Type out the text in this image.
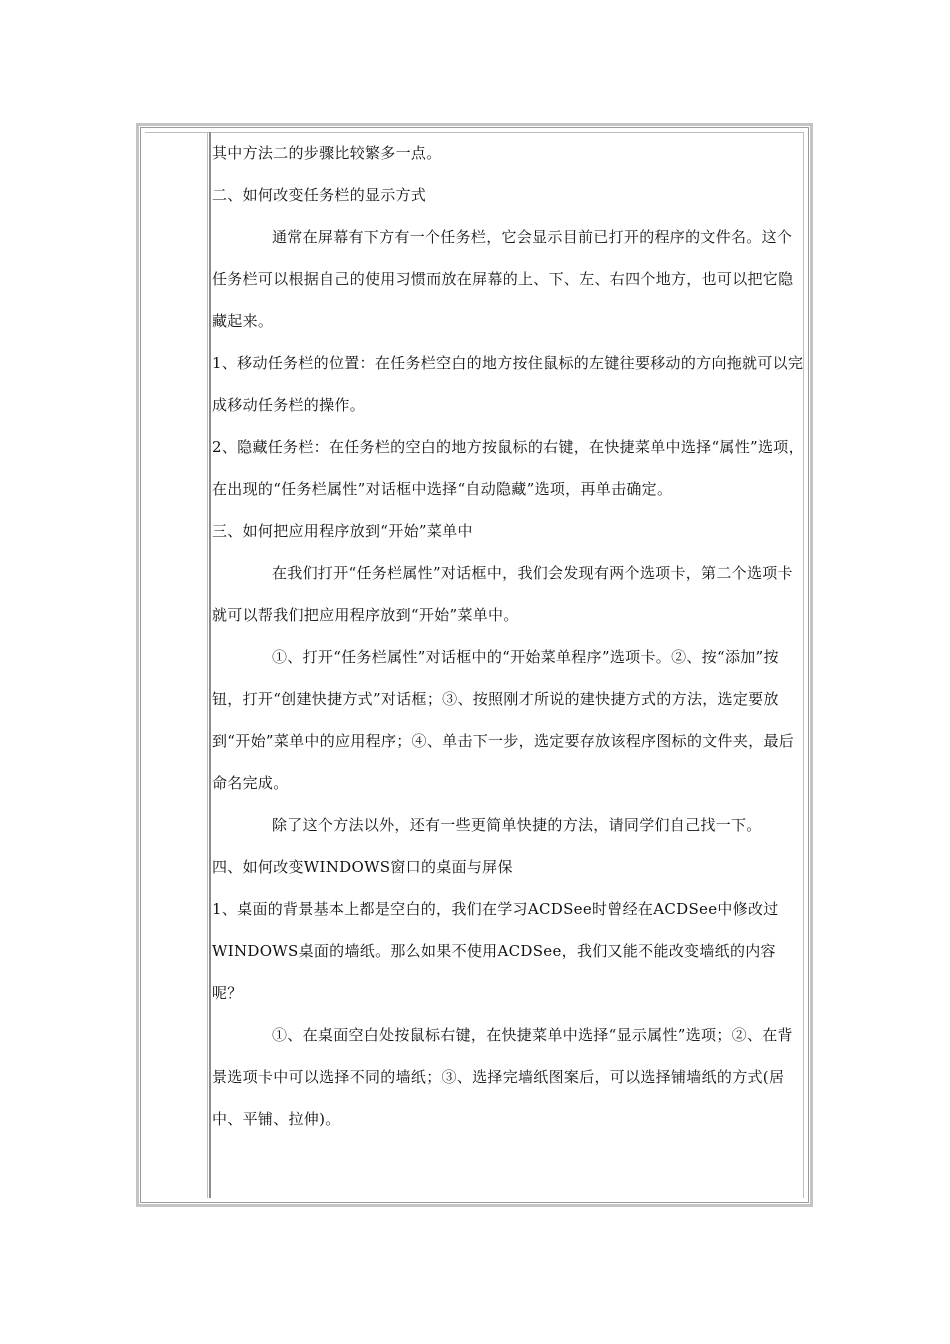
其中方法二的步骤比较繁多一点。

二、如何改变任务栏的显示方式

通常在屏幕有下方有一个任务栏，它会显示目前已打开的程序的文件名。这个任务栏可以根据自己的使用习惯而放在屏幕的上、下、左、右四个地方，也可以把它隐藏起来。

1、移动任务栏的位置：在任务栏空白的地方按住鼠标的左键往要移动的方向拖就可以完成移动任务栏的操作。

2、隐藏任务栏：在任务栏的空白的地方按鼠标的右键，在快捷菜单中选择“属性”选项，在出现的“任务栏属性”对话框中选择“自动隐藏”选项，再单击确定。

三、如何把应用程序放到“开始”菜单中

在我们打开“任务栏属性”对话框中，我们会发现有两个选项卡，第二个选项卡就可以帮我们把应用程序放到“开始”菜单中。

①、打开“任务栏属性”对话框中的“开始菜单程序”选项卡。②、按“添加”按钮，打开“创建快捷方式”对话框；③、按照刚才所说的建快捷方式的方法，选定要放到“开始”菜单中的应用程序；④、单击下一步，选定要存放该程序图标的文件夹，最后命名完成。

除了这个方法以外，还有一些更简单快捷的方法，请同学们自己找一下。

四、如何改变WINDOWS窗口的桌面与屏保

1、桌面的背景基本上都是空白的，我们在学习ACDSee时曾经在ACDSee中修改过WINDOWS桌面的墙纸。那么如果不使用ACDSee，我们又能不能改变墙纸的内容呢？

①、在桌面空白处按鼠标右键，在快捷菜单中选择“显示属性”选项；②、在背景选项卡中可以选择不同的墙纸；③、选择完墙纸图案后，可以选择铺墙纸的方式(居中、平铺、拉伸)。
